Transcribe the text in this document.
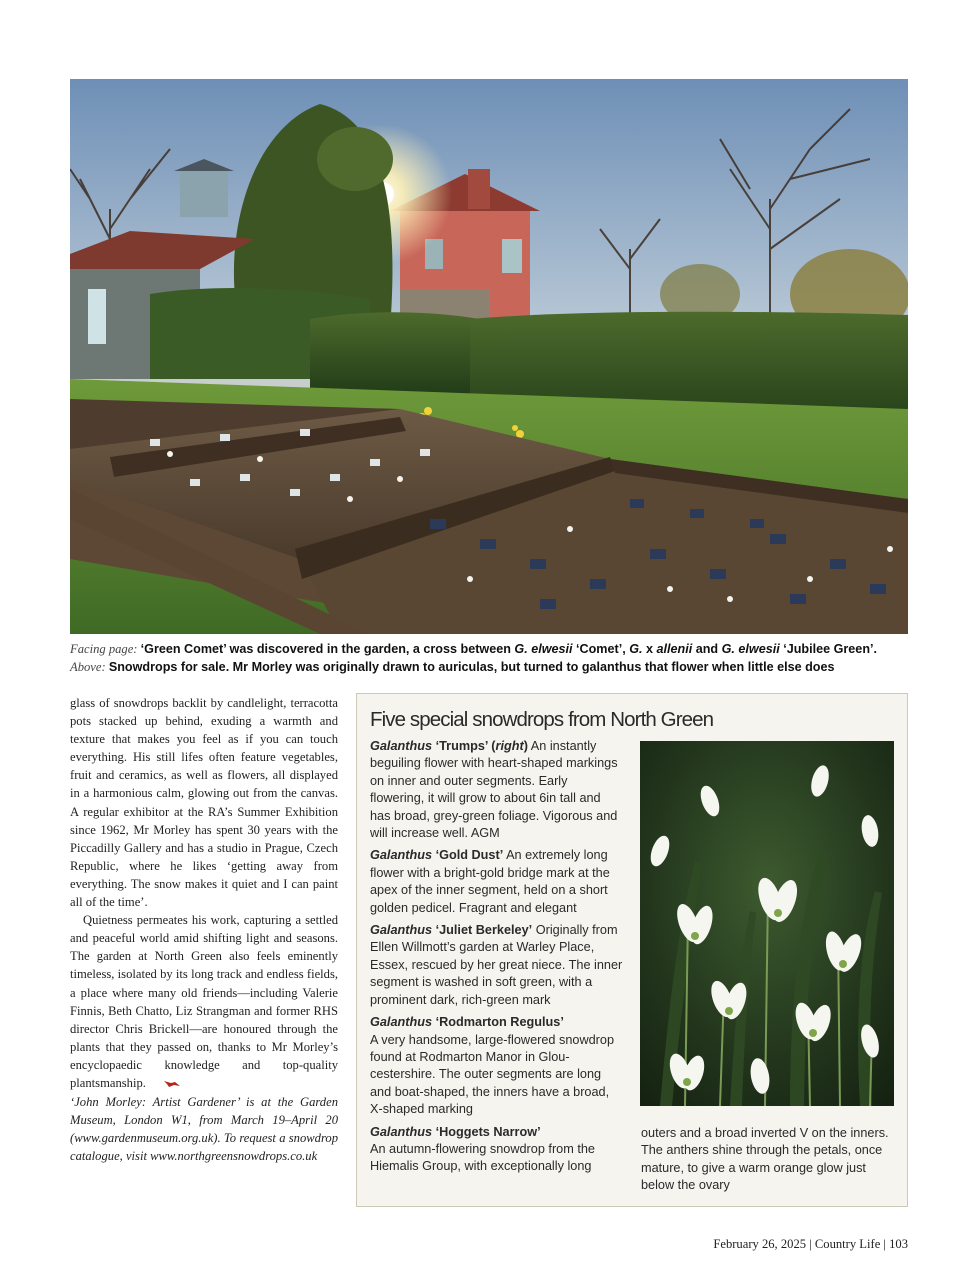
Facing page: ‘Green Comet’ was discovered in the garden, a cross between G. elwesii ‘Comet’, G. x allenii and G. elwesii ‘Jubilee Green’.
Above: Snowdrops for sale. Mr Morley was originally drawn to auriculas, but turned to galanthus that flower when little else does

glass of snowdrops backlit by candlelight, terracotta pots stacked up behind, exuding a warmth and texture that makes you feel as if you can touch everything. His still lifes often feature vegetables, fruit and ceramics, as well as flowers, all displayed in a harmonious calm, glowing out from the canvas. A regular exhibitor at the RA’s Summer Exhibition since 1962, Mr Morley has spent 30 years with the Piccadilly Gallery and has a studio in Prague, Czech Republic, where he likes ‘getting away from everything. The snow makes it quiet and I can paint all of the time’.

Quietness permeates his work, capturing a settled and peaceful world amid shifting light and seasons. The garden at North Green also feels eminently timeless, isolated by its long track and endless fields, a place where many old friends—including Valerie Finnis, Beth Chatto, Liz Strangman and former RHS director Chris Brickell—are honoured through the plants that they passed on, thanks to Mr Morley’s encyclopaedic knowledge and top-quality plantsmanship.

‘John Morley: Artist Gardener’ is at the Garden Museum, London W1, from March 19–April 20 (www.gardenmuseum.org.uk). To request a snowdrop catalogue, visit www.northgreensnowdrops.co.uk

Five special snowdrops from North Green
Galanthus ‘Trumps’ (right) An instantly beguiling flower with heart-shaped markings on inner and outer segments. Early flowering, it will grow to about 6in tall and has broad, grey-green foliage. Vigorous and will increase well. AGM
Galanthus ‘Gold Dust’ An extremely long flower with a bright-gold bridge mark at the apex of the inner segment, held on a short golden pedicel. Fragrant and elegant
Galanthus ‘Juliet Berkeley’ Originally from Ellen Willmott’s garden at Warley Place, Essex, rescued by her great niece. The inner segment is washed in soft green, with a prominent dark, rich-green mark
Galanthus ‘Rodmarton Regulus’
A very handsome, large-flowered snowdrop found at Rodmarton Manor in Gloucestershire. The outer segments are long and boat-shaped, the inners have a broad, X-shaped marking
Galanthus ‘Hoggets Narrow’
An autumn-flowering snowdrop from the Hiemalis Group, with exceptionally long
outers and a broad inverted V on the inners. The anthers shine through the petals, once mature, to give a warm orange glow just below the ovary
February 26, 2025 | Country Life | 103
